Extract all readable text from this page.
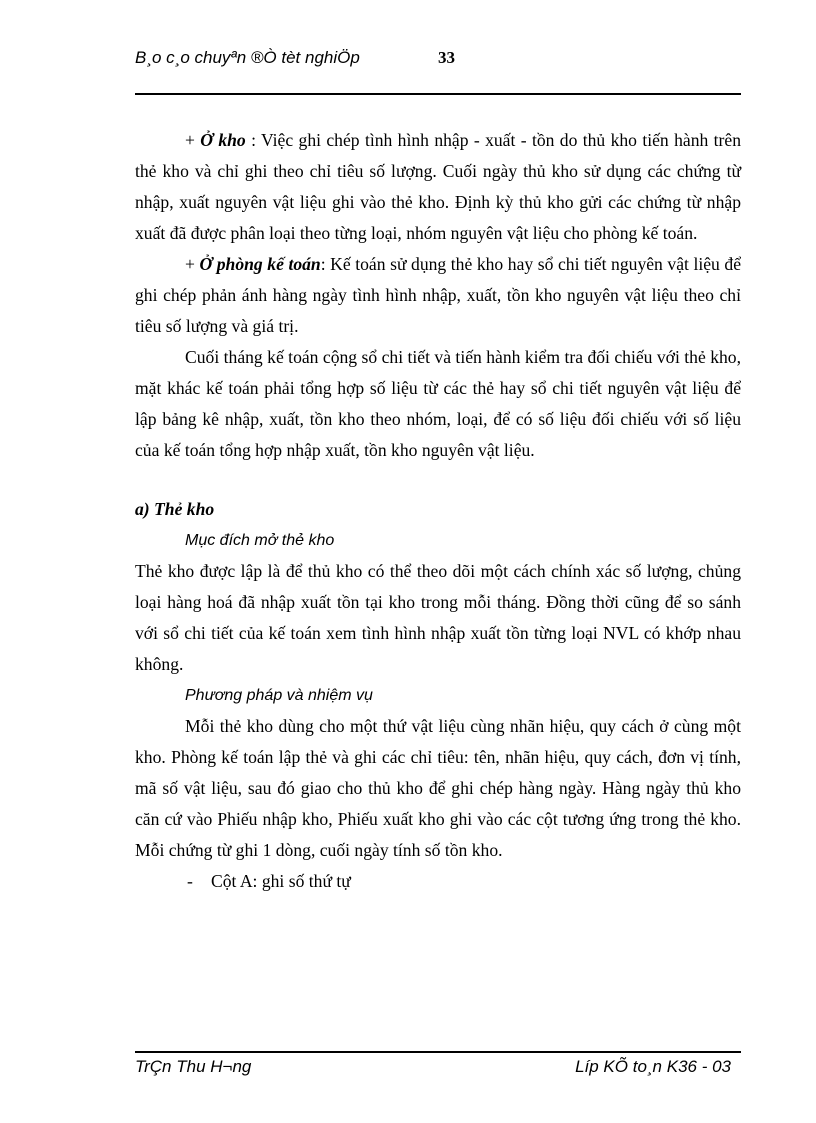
B¸o c¸o chuyªn ®Ò tèt nghiÖp	33

+ Ở kho : Việc ghi chép tình hình nhập - xuất - tồn do thủ kho tiến hành trên thẻ kho và chỉ ghi theo chỉ tiêu số lượng. Cuối ngày thủ kho sử dụng các chứng từ nhập, xuất nguyên vật liệu ghi vào thẻ kho. Định kỳ thủ kho gửi các chứng từ nhập xuất đã được phân loại theo từng loại, nhóm nguyên vật liệu cho phòng kế toán.

+ Ở phòng kế toán: Kế toán sử dụng thẻ kho hay sổ chi tiết nguyên vật liệu để ghi chép phản ánh hàng ngày tình hình nhập, xuất, tồn kho nguyên vật liệu theo chỉ tiêu số lượng và giá trị.

Cuối tháng kế toán cộng sổ chi tiết và tiến hành kiểm tra đối chiếu với thẻ kho, mặt khác kế toán phải tổng hợp số liệu từ các thẻ hay sổ chi tiết nguyên vật liệu để lập bảng kê nhập, xuất, tồn kho theo nhóm, loại, để có số liệu đối chiếu với số liệu của kế toán tổng hợp nhập xuất, tồn kho nguyên vật liệu.

a) Thẻ kho

Mục đích mở thẻ kho

Thẻ kho được lập là để thủ kho có thể theo dõi một cách chính xác số lượng, chủng loại hàng hoá đã nhập xuất tồn tại kho trong mỗi tháng. Đồng thời cũng để so sánh với sổ chi tiết của kế toán xem tình hình nhập xuất tồn từng loại NVL có khớp nhau không.

Phương pháp và nhiệm vụ

Mỗi thẻ kho dùng cho một thứ vật liệu cùng nhãn hiệu, quy cách ở cùng một kho. Phòng kế toán lập thẻ và ghi các chỉ tiêu: tên, nhãn hiệu, quy cách, đơn vị tính, mã số vật liệu, sau đó giao cho thủ kho để ghi chép hàng ngày. Hàng ngày thủ kho căn cứ vào Phiếu nhập kho, Phiếu xuất kho ghi vào các cột tương ứng trong thẻ kho. Mỗi chứng từ ghi 1 dòng, cuối ngày tính số tồn kho.

- Cột A: ghi số thứ tự

TrÇn Thu H¬ng	Líp KÕ to¸n K36 - 03
